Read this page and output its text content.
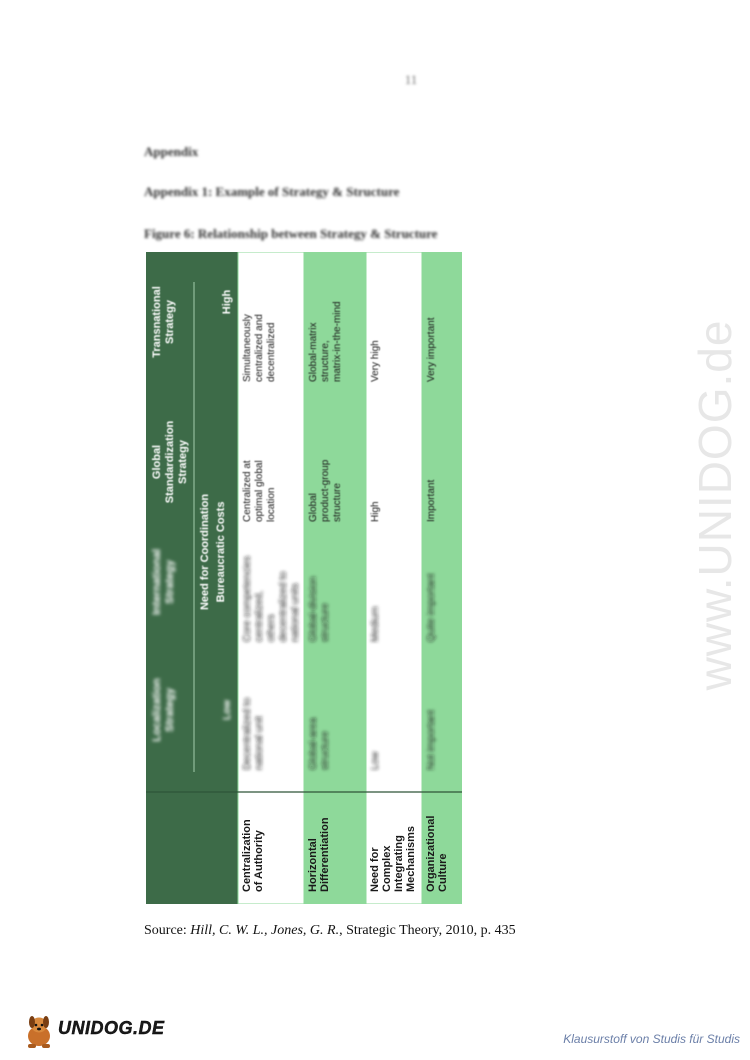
11
Appendix
Appendix 1: Example of Strategy & Structure
Figure 6: Relationship between Strategy & Structure
LocalizationStrategy
InternationalStrategy
GlobalStandardizationStrategy
TransnationalStrategy
Need for Coordination Bureaucratic Costs
Low
High
Centralizationof Authority
Decentralized tonational unit
Core competenciescentralized,othersdecentralized tonational units
Centralized atoptimal globallocation
Simultaneouslycentralized anddecentralized
HorizontalDifferentiation
Global-areastructure
Global-divisionstructure
Globalproduct-groupstructure
Global-matrixstructure,matrix-in-the-mind
Need forComplexIntegratingMechanisms
Low
Medium
High
Very high
OrganizationalCulture
Not important
Quite important
Important
Very important
Source: Hill, C. W. L., Jones, G. R., Strategic Theory, 2010, p. 435
www.UNIDOG.de
UNIDOG.DE
Klausurstoff von Studis für Studis
